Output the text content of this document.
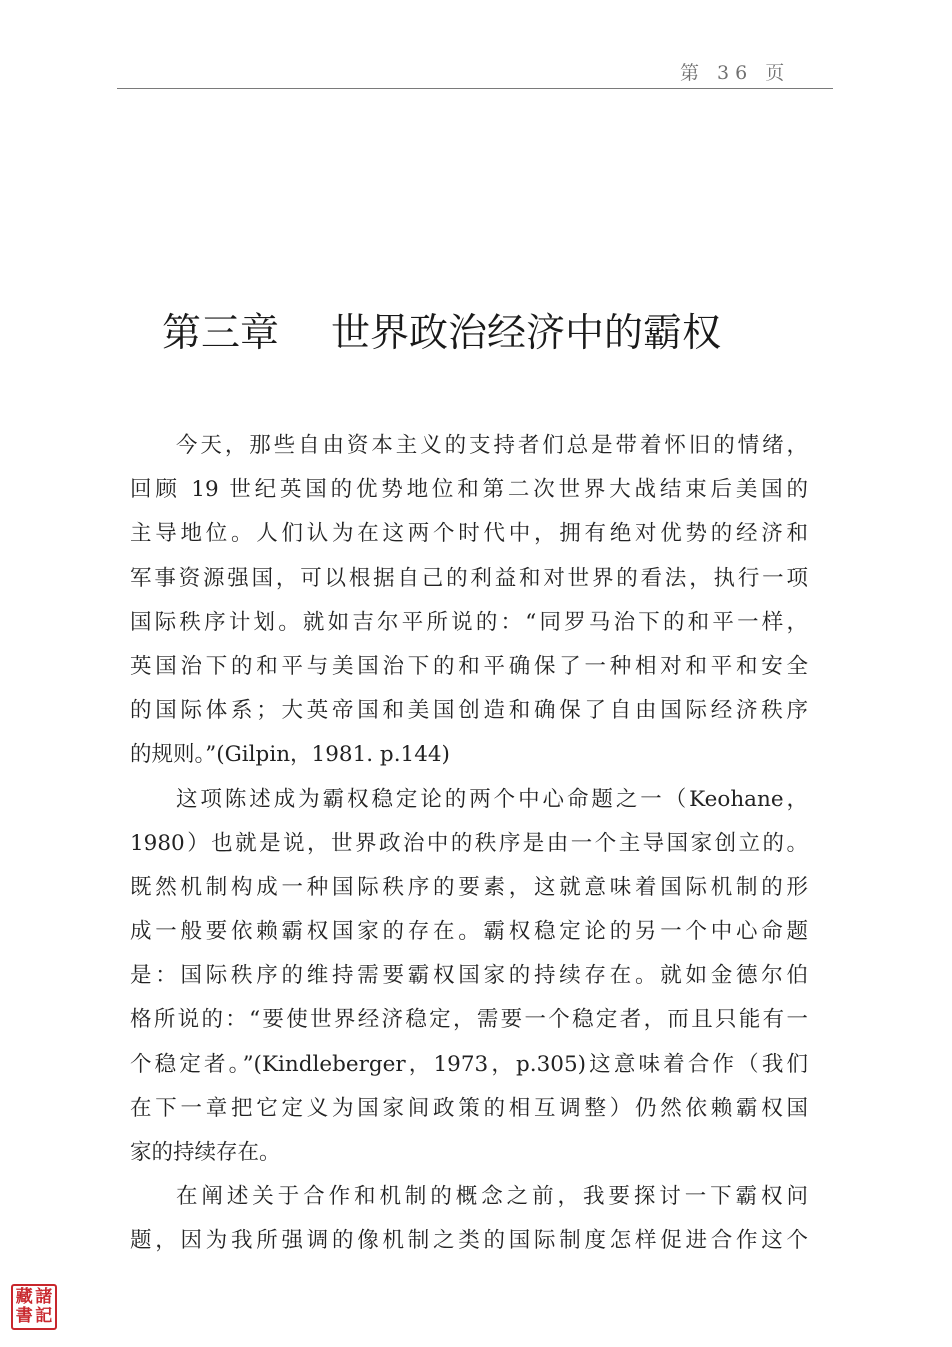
第 36 页
第三章 世界政治经济中的霸权
今天，那些自由资本主义的支持者们总是带着怀旧的情绪，
回顾 19 世纪英国的优势地位和第二次世界大战结束后美国的
主导地位。人们认为在这两个时代中，拥有绝对优势的经济和
军事资源强国，可以根据自己的利益和对世界的看法，执行一项
国际秩序计划。就如吉尔平所说的：“同罗马治下的和平一样，
英国治下的和平与美国治下的和平确保了一种相对和平和安全
的国际体系；大英帝国和美国创造和确保了自由国际经济秩序
的规则。”(Gilpin，1981. p.144)
这项陈述成为霸权稳定论的两个中心命题之一（Keohane，
1980）也就是说，世界政治中的秩序是由一个主导国家创立的。
既然机制构成一种国际秩序的要素，这就意味着国际机制的形
成一般要依赖霸权国家的存在。霸权稳定论的另一个中心命题
是：国际秩序的维持需要霸权国家的持续存在。就如金德尔伯
格所说的：“要使世界经济稳定，需要一个稳定者，而且只能有一
个稳定者。”(Kindleberger，1973，p.305)这意味着合作（我们
在下一章把它定义为国家间政策的相互调整）仍然依赖霸权国
家的持续存在。
在阐述关于合作和机制的概念之前，我要探讨一下霸权问
题，因为我所强调的像机制之类的国际制度怎样促进合作这个
藏 諸
書 記
